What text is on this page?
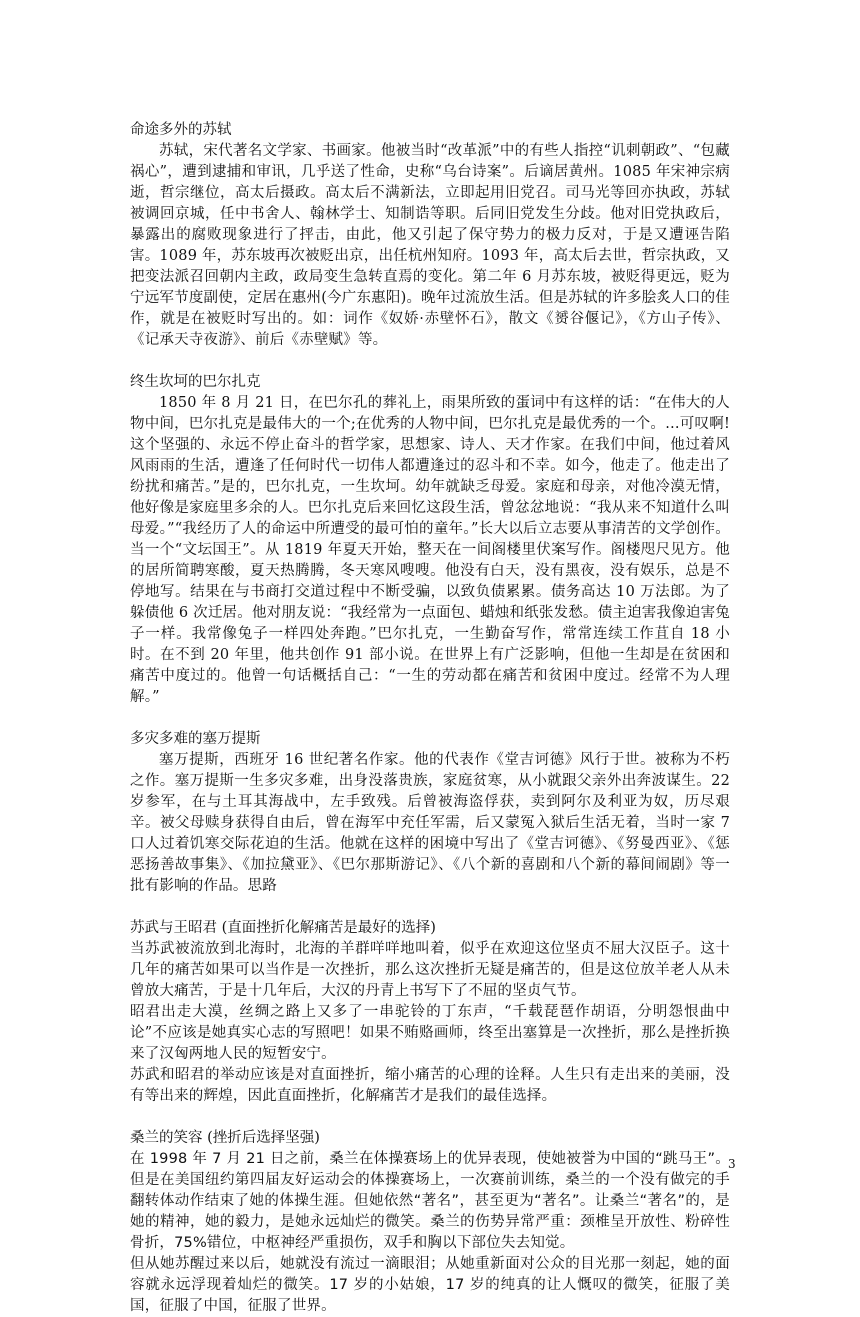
命途多外的苏轼

苏轼，宋代著名文学家、书画家。他被当时“改革派”中的有些人指控“讥刺朝政”、“包藏祸心”，遭到逮捕和审讯，几乎送了性命，史称“乌台诗案”。后谪居黄州。1085 年宋神宗病逝，哲宗继位，高太后摄政。高太后不满新法，立即起用旧党召。司马光等回亦执政，苏轼被调回京城，任中书舍人、翰林学士、知制诰等职。后同旧党发生分歧。他对旧党执政后，暴露出的腐败现象进行了抨击，由此，他又引起了保守势力的极力反对，于是又遭诬告陷害。1089 年，苏东坡再次被贬出京，出任杭州知府。1093 年，高太后去世，哲宗执政，又把变法派召回朝内主政，政局变生急转直焉的变化。第二年 6 月苏东坡，被贬得更远，贬为宁远军节度副使，定居在惠州(今广东惠阳)。晚年过流放生活。但是苏轼的许多脍炙人口的佳作，就是在被贬时写出的。如：词作《奴娇·赤壁怀石》，散文《赟谷偃记》，《方山子传》、《记承天寺夜游》、前后《赤壁赋》等。

终生坎坷的巴尔扎克

1850 年 8 月 21 日，在巴尔孔的葬礼上，雨果所致的蛋词中有这样的话：“在伟大的人物中间，巴尔扎克是最伟大的一个;在优秀的人物中间，巴尔扎克是最优秀的一个。…可叹啊!这个坚强的、永远不停止奋斗的哲学家，思想家、诗人、天才作家。在我们中间，他过着风风雨雨的生活，遭逢了任何时代一切伟人都遭逢过的忍斗和不幸。如今，他走了。他走出了纷扰和痛苦。”是的，巴尔扎克，一生坎坷。幼年就缺乏母爱。家庭和母亲，对他冷漠无情，他好像是家庭里多余的人。巴尔扎克后来回忆这段生活，曾忿忿地说：“我从来不知道什么叫母爱。”“我经历了人的命运中所遭受的最可怕的童年。”长大以后立志要从事清苦的文学创作。当一个“文坛国王”。从 1819 年夏天开始，整天在一间阁楼里伏案写作。阁楼咫尺见方。他的居所简聘寒酸，夏天热腾腾，冬天寒风嗖嗖。他没有白天，没有黑夜，没有娱乐，总是不停地写。结果在与书商打交道过程中不断受骗，以致负债累累。债务高达 10 万法郎。为了躲债他 6 次迁居。他对朋友说：“我经常为一点面包、蜡烛和纸张发愁。债主迫害我像迫害兔子一样。我常像兔子一样四处奔跑。”巴尔扎克，一生勤奋写作，常常连续工作苴自 18 小时。在不到 20 年里，他共创作 91 部小说。在世界上有广泛影响，但他一生却是在贫困和痛苦中度过的。他曾一句话概括自己：“一生的劳动都在痛苦和贫困中度过。经常不为人理解。”

多灾多难的塞万提斯

塞万提斯，西班牙 16 世纪著名作家。他的代表作《堂吉诃德》风行于世。被称为不朽之作。塞万提斯一生多灾多难，出身没落贵族，家庭贫寒，从小就跟父亲外出奔波谋生。22 岁参军，在与土耳其海战中，左手致残。后曾被海盗俘获，卖到阿尔及利亚为奴，历尽艰辛。被父母赎身获得自由后，曾在海军中充任军需，后又蒙冤入狱后生活无着，当时一家 7 口人过着饥寒交际花迫的生活。他就在这样的困境中写出了《堂吉诃德》、《努曼西亚》、《惩恶扬善故事集》、《加拉黛亚》、《巴尔那斯游记》、《八个新的喜剧和八个新的幕间闹剧》等一批有影响的作品。思路

苏武与王昭君 (直面挫折化解痛苦是最好的选择)

当苏武被流放到北海时，北海的羊群咩咩地叫着，似乎在欢迎这位坚贞不屈大汉臣子。这十几年的痛苦如果可以当作是一次挫折，那么这次挫折无疑是痛苦的，但是这位放羊老人从未曾放大痛苦，于是十几年后，大汉的丹青上书写下了不屈的坚贞气节。

昭君出走大漠，丝绸之路上又多了一串驼铃的丁东声，“千载琵琶作胡语，分明怨恨曲中论”不应该是她真实心志的写照吧！如果不贿赂画师，终至出塞算是一次挫折，那么是挫折换来了汉匈两地人民的短暂安宁。

苏武和昭君的举动应该是对直面挫折，缩小痛苦的心理的诠释。人生只有走出来的美丽，没有等出来的辉煌，因此直面挫折，化解痛苦才是我们的最佳选择。

桑兰的笑容 (挫折后选择坚强)

在 1998 年 7 月 21 日之前，桑兰在体操赛场上的优异表现，使她被誉为中国的“跳马王”。但是在美国纽约第四届友好运动会的体操赛场上，一次赛前训练，桑兰的一个没有做完的手翻转体动作结束了她的体操生涯。但她依然“著名”，甚至更为“著名”。让桑兰“著名”的，是她的精神，她的毅力，是她永远灿烂的微笑。桑兰的伤势异常严重：颈椎呈开放性、粉碎性骨折，75%错位，中枢神经严重损伤，双手和胸以下部位失去知觉。

但从她苏醒过来以后，她就没有流过一滴眼泪；从她重新面对公众的目光那一刻起，她的面容就永远浮现着灿烂的微笑。17 岁的小姑娘，17 岁的纯真的让人慨叹的微笑，征服了美国，征服了中国，征服了世界。

3
